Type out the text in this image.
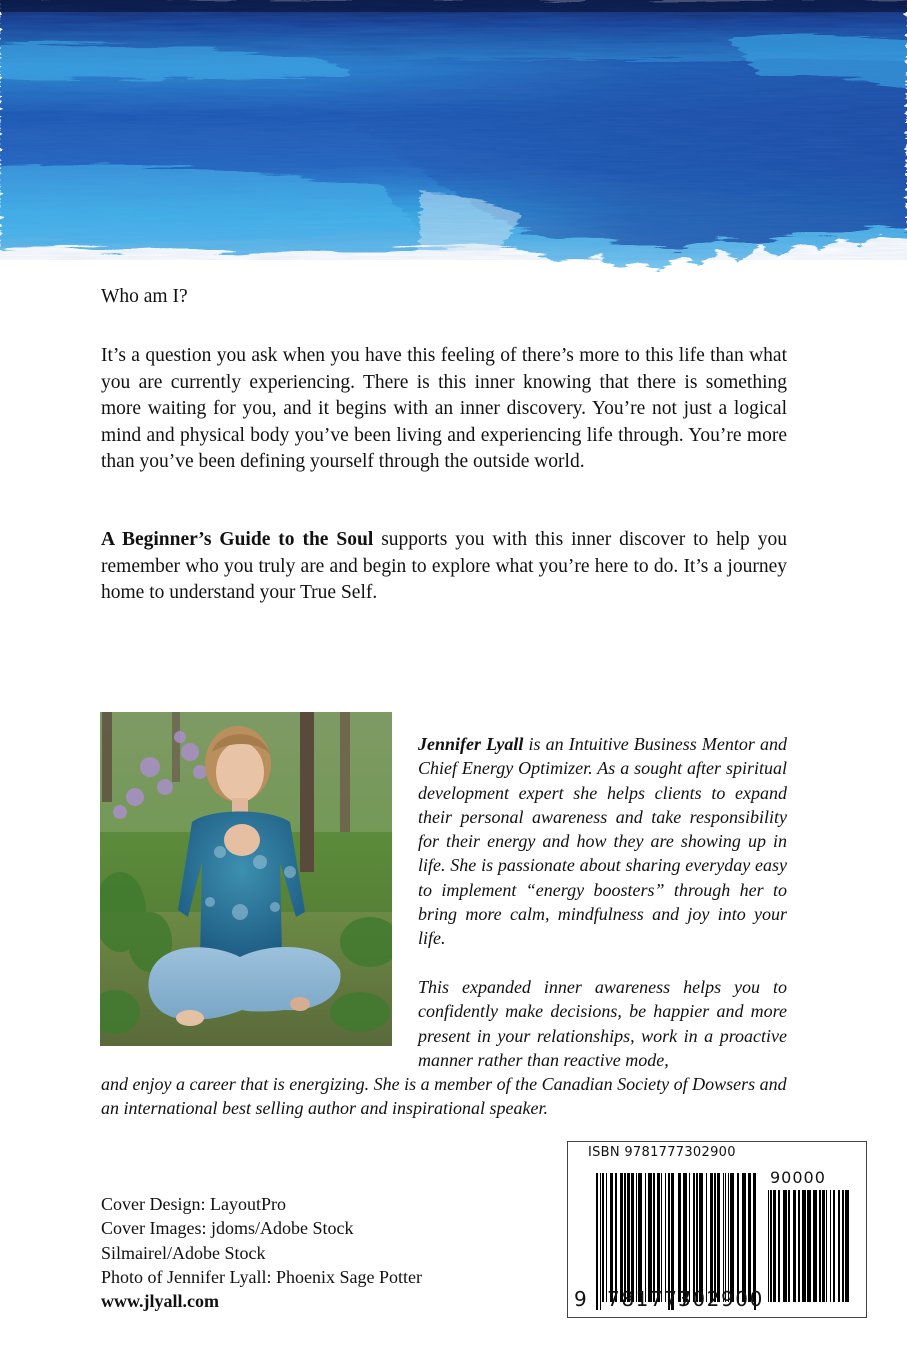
Who am I?
It’s a question you ask when you have this feeling of there’s more to this life than what you are currently experiencing. There is this inner knowing that there is something more waiting for you, and it begins with an inner discovery. You’re not just a logical mind and physical body you’ve been living and experiencing life through. You’re more than you’ve been defining yourself through the outside world.
A Beginner’s Guide to the Soul supports you with this inner discover to help you remember who you truly are and begin to explore what you’re here to do. It’s a journey home to understand your True Self.
Jennifer Lyall is an Intuitive Business Mentor and Chief Energy Optimizer. As a sought after spiritual development expert she helps clients to expand their personal awareness and take responsibility for their energy and how they are showing up in life. She is passionate about sharing everyday easy to implement “energy boosters” through her to bring more calm, mindfulness and joy into your life.
This expanded inner awareness helps you to confidently make decisions, be happier and more present in your relationships, work in a proactive manner rather than reactive mode,
and enjoy a career that is energizing. She is a member of the Canadian Society of Dowsers and an international best selling author and inspirational speaker.
Cover Design: LayoutPro
Cover Images: jdoms/Adobe Stock
Silmairel/Adobe Stock
Photo of Jennifer Lyall: Phoenix Sage Potter
www.jlyall.com
ISBN 9781777302900
90000
9 781777
302900
